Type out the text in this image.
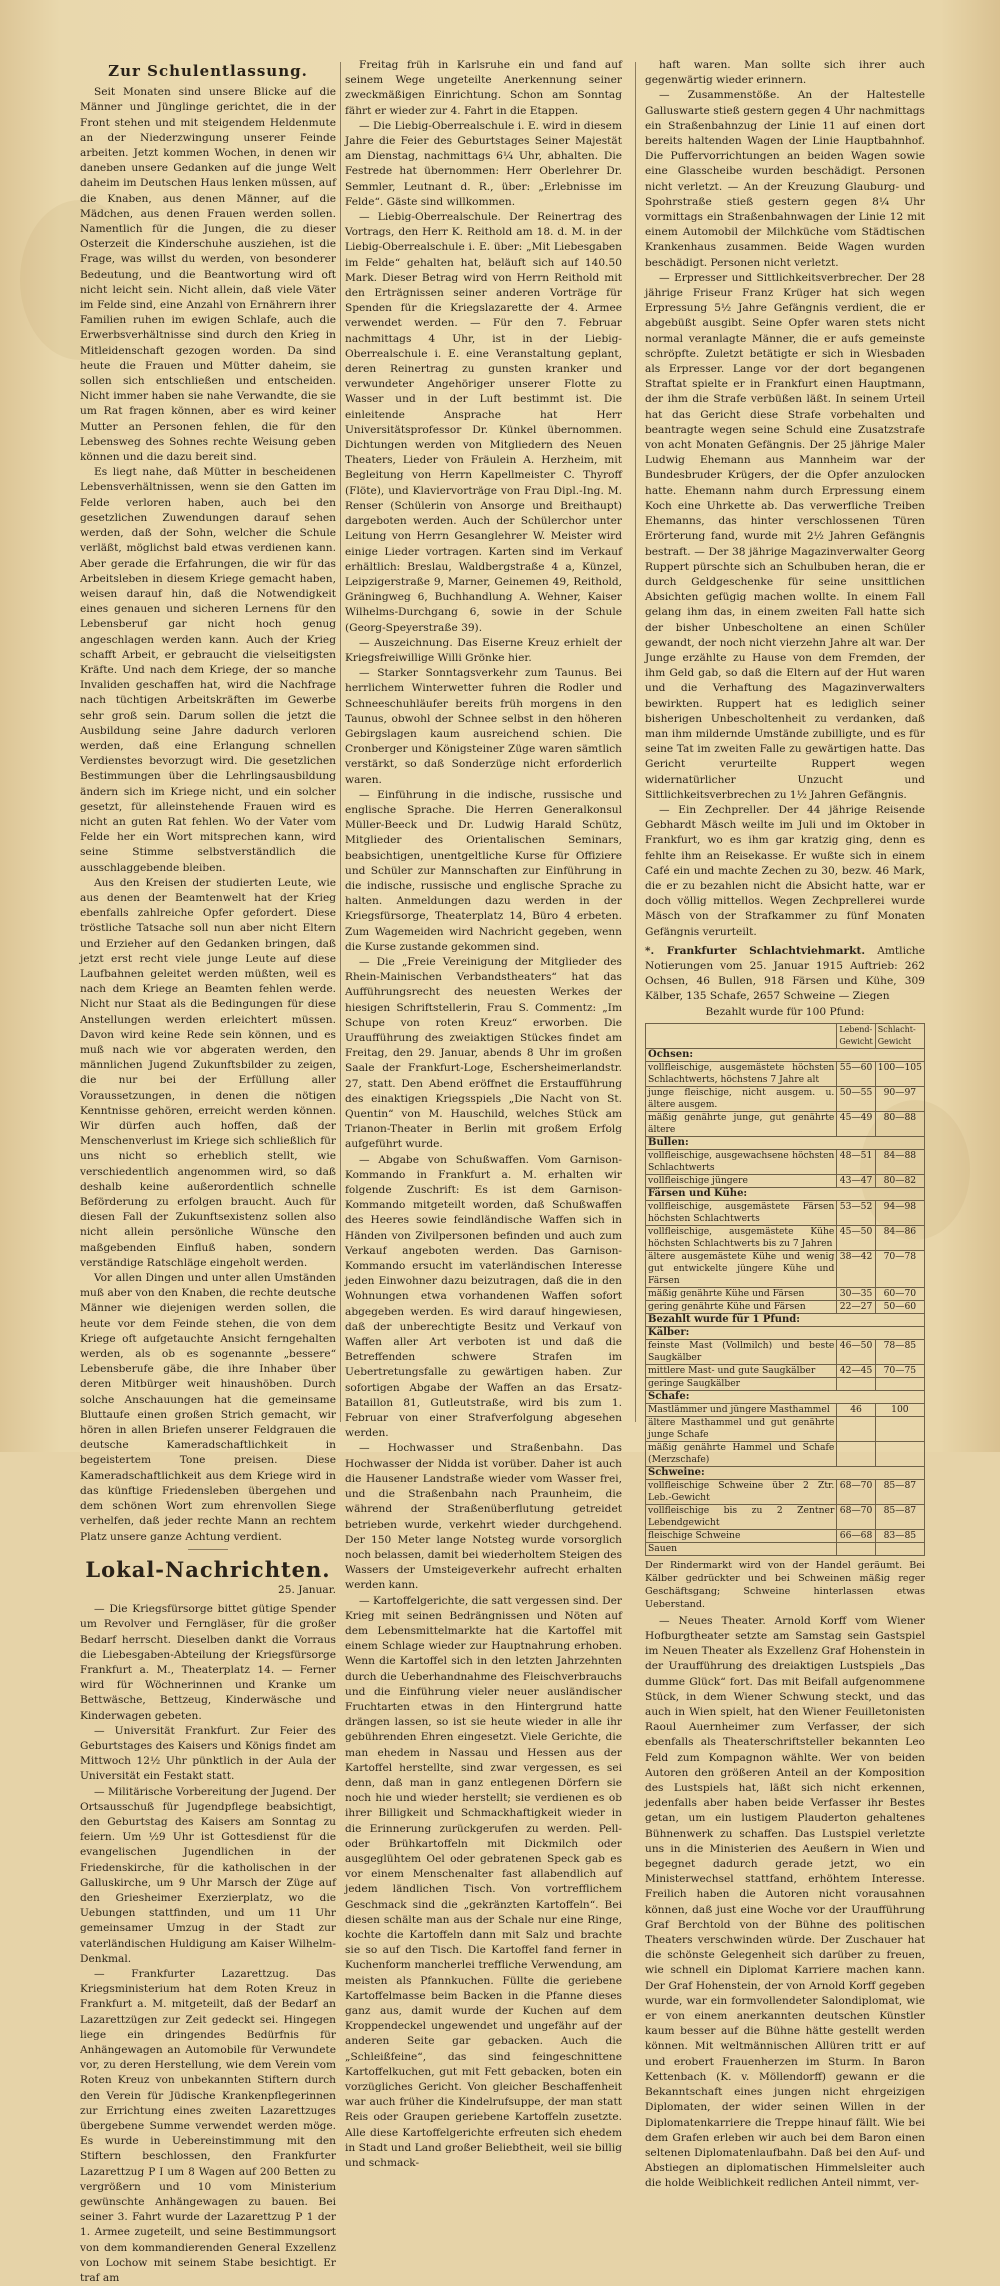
Zur Schulentlassung.

Seit Monaten sind unsere Blicke auf die Männer und Jünglinge gerichtet, die in der Front stehen und mit steigendem Heldenmute an der Niederzwingung unserer Feinde arbeiten. Jetzt kommen Wochen, in denen wir daneben unsere Gedanken auf die junge Welt daheim im Deutschen Haus lenken müssen, auf die Knaben, aus denen Männer, auf die Mädchen, aus denen Frauen werden sollen. Namentlich für die Jungen, die zu dieser Osterzeit die Kinderschuhe ausziehen, ist die Frage, was willst du werden, von besonderer Bedeutung, und die Beantwortung wird oft nicht leicht sein. Nicht allein, daß viele Väter im Felde sind, eine Anzahl von Ernährern ihrer Familien ruhen im ewigen Schlafe, auch die Erwerbsverhältnisse sind durch den Krieg in Mitleidenschaft gezogen worden. Da sind heute die Frauen und Mütter daheim, sie sollen sich entschließen und entscheiden. Nicht immer haben sie nahe Verwandte, die sie um Rat fragen können, aber es wird keiner Mutter an Personen fehlen, die für den Lebensweg des Sohnes rechte Weisung geben können und die dazu bereit sind.

Es liegt nahe, daß Mütter in bescheidenen Lebensverhältnissen, wenn sie den Gatten im Felde verloren haben, auch bei den gesetzlichen Zuwendungen darauf sehen werden, daß der Sohn, welcher die Schule verläßt, möglichst bald etwas verdienen kann. Aber gerade die Erfahrungen, die wir für das Arbeitsleben in diesem Kriege gemacht haben, weisen darauf hin, daß die Notwendigkeit eines genauen und sicheren Lernens für den Lebensberuf gar nicht hoch genug angeschlagen werden kann. Auch der Krieg schafft Arbeit, er gebraucht die vielseitigsten Kräfte. Und nach dem Kriege, der so manche Invaliden geschaffen hat, wird die Nachfrage nach tüchtigen Arbeitskräften im Gewerbe sehr groß sein. Darum sollen die jetzt die Ausbildung seine Jahre dadurch verloren werden, daß eine Erlangung schnellen Verdienstes bevorzugt wird. Die gesetzlichen Bestimmungen über die Lehrlingsausbildung ändern sich im Kriege nicht, und ein solcher gesetzt, für alleinstehende Frauen wird es nicht an guten Rat fehlen. Wo der Vater vom Felde her ein Wort mitsprechen kann, wird seine Stimme selbstverständlich die ausschlaggebende bleiben.

Aus den Kreisen der studierten Leute, wie aus denen der Beamtenwelt hat der Krieg ebenfalls zahlreiche Opfer gefordert. Diese tröstliche Tatsache soll nun aber nicht Eltern und Erzieher auf den Gedanken bringen, daß jetzt erst recht viele junge Leute auf diese Laufbahnen geleitet werden müßten, weil es nach dem Kriege an Beamten fehlen werde. Nicht nur Staat als die Bedingungen für diese Anstellungen werden erleichtert müssen. Davon wird keine Rede sein können, und es muß nach wie vor abgeraten werden, den männlichen Jugend Zukunftsbilder zu zeigen, die nur bei der Erfüllung aller Voraussetzungen, in denen die nötigen Kenntnisse gehören, erreicht werden können. Wir dürfen auch hoffen, daß der Menschenverlust im Kriege sich schließlich für uns nicht so erheblich stellt, wie verschiedentlich angenommen wird, so daß deshalb keine außerordentlich schnelle Beförderung zu erfolgen braucht. Auch für diesen Fall der Zukunftsexistenz sollen also nicht allein persönliche Wünsche den maßgebenden Einfluß haben, sondern verständige Ratschläge eingeholt werden.

Vor allen Dingen und unter allen Umständen muß aber von den Knaben, die rechte deutsche Männer wie diejenigen werden sollen, die heute vor dem Feinde stehen, die von dem Kriege oft aufgetauchte Ansicht ferngehalten werden, als ob es sogenannte „bessere“ Lebensberufe gäbe, die ihre Inhaber über deren Mitbürger weit hinaushöben. Durch solche Anschauungen hat die gemeinsame Bluttaufe einen großen Strich gemacht, wir hören in allen Briefen unserer Feldgrauen die deutsche Kameradschaftlichkeit in begeistertem Tone preisen. Diese Kameradschaftlichkeit aus dem Kriege wird in das künftige Friedensleben übergehen und dem schönen Wort zum ehrenvollen Siege verhelfen, daß jeder rechte Mann an rechtem Platz unsere ganze Achtung verdient.

Lokal-Nachrichten.
25. Januar.

— Die Kriegsfürsorge bittet gütige Spender um Revolver und Ferngläser, für die großer Bedarf herrscht. Dieselben dankt die Vorraus die Liebesgaben-Abteilung der Kriegsfürsorge Frankfurt a. M., Theaterplatz 14. — Ferner wird für Wöchnerinnen und Kranke um Bettwäsche, Bettzeug, Kinderwäsche und Kinderwagen gebeten.

— Universität Frankfurt. Zur Feier des Geburtstages des Kaisers und Königs findet am Mittwoch 12½ Uhr pünktlich in der Aula der Universität ein Festakt statt.

— Militärische Vorbereitung der Jugend. Der Ortsausschuß für Jugendpflege beabsichtigt, den Geburtstag des Kaisers am Sonntag zu feiern. Um ½9 Uhr ist Gottesdienst für die evangelischen Jugendlichen in der Friedenskirche, für die katholischen in der Galluskirche, um 9 Uhr Marsch der Züge auf den Griesheimer Exerzierplatz, wo die Uebungen stattfinden, und um 11 Uhr gemeinsamer Umzug in der Stadt zur vaterländischen Huldigung am Kaiser Wilhelm-Denkmal.

— Frankfurter Lazarettzug. Das Kriegsministerium hat dem Roten Kreuz in Frankfurt a. M. mitgeteilt, daß der Bedarf an Lazarettzügen zur Zeit gedeckt sei. Hingegen liege ein dringendes Bedürfnis für Anhängewagen an Automobile für Verwundete vor, zu deren Herstellung, wie dem Verein vom Roten Kreuz von unbekannten Stiftern durch den Verein für Jüdische Krankenpflegerinnen zur Errichtung eines zweiten Lazarettzuges übergebene Summe verwendet werden möge. Es wurde in Uebereinstimmung mit den Stiftern beschlossen, den Frankfurter Lazarettzug P I um 8 Wagen auf 200 Betten zu vergrößern und 10 vom Ministerium gewünschte Anhängewagen zu bauen. Bei seiner 3. Fahrt wurde der Lazarettzug P 1 der 1. Armee zugeteilt, und seine Bestimmungsort von dem kommandierenden General Exzellenz von Lochow mit seinem Stabe besichtigt. Er traf am

Freitag früh in Karlsruhe ein und fand auf seinem Wege ungeteilte Anerkennung seiner zweckmäßigen Einrichtung. Schon am Sonntag fährt er wieder zur 4. Fahrt in die Etappen.

— Die Liebig-Oberrealschule i. E. wird in diesem Jahre die Feier des Geburtstages Seiner Majestät am Dienstag, nachmittags 6¼ Uhr, abhalten. Die Festrede hat übernommen: Herr Oberlehrer Dr. Semmler, Leutnant d. R., über: „Erlebnisse im Felde“. Gäste sind willkommen.

— Liebig-Oberrealschule. Der Reinertrag des Vortrags, den Herr K. Reithold am 18. d. M. in der Liebig-Oberrealschule i. E. über: „Mit Liebesgaben im Felde“ gehalten hat, beläuft sich auf 140.50 Mark. Dieser Betrag wird von Herrn Reithold mit den Erträgnissen seiner anderen Vorträge für Spenden für die Kriegslazarette der 4. Armee verwendet werden. — Für den 7. Februar nachmittags 4 Uhr, ist in der Liebig-Oberrealschule i. E. eine Veranstaltung geplant, deren Reinertrag zu gunsten kranker und verwundeter Angehöriger unserer Flotte zu Wasser und in der Luft bestimmt ist. Die einleitende Ansprache hat Herr Universitätsprofessor Dr. Künkel übernommen. Dichtungen werden von Mitgliedern des Neuen Theaters, Lieder von Fräulein A. Herzheim, mit Begleitung von Herrn Kapellmeister C. Thyroff (Flöte), und Klaviervorträge von Frau Dipl.-Ing. M. Renser (Schülerin von Ansorge und Breithaupt) dargeboten werden. Auch der Schülerchor unter Leitung von Herrn Gesanglehrer W. Meister wird einige Lieder vortragen. Karten sind im Verkauf erhältlich: Breslau, Waldbergstraße 4 a, Künzel, Leipzigerstraße 9, Marner, Geinemen 49, Reithold, Gräningweg 6, Buchhandlung A. Wehner, Kaiser Wilhelms-Durchgang 6, sowie in der Schule (Georg-Speyerstraße 39).

— Auszeichnung. Das Eiserne Kreuz erhielt der Kriegsfreiwillige Willi Grönke hier.

— Starker Sonntagsverkehr zum Taunus. Bei herrlichem Winterwetter fuhren die Rodler und Schneeschuhläufer bereits früh morgens in den Taunus, obwohl der Schnee selbst in den höheren Gebirgslagen kaum ausreichend schien. Die Cronberger und Königsteiner Züge waren sämtlich verstärkt, so daß Sonderzüge nicht erforderlich waren.

— Einführung in die indische, russische und englische Sprache. Die Herren Generalkonsul Müller-Beeck und Dr. Ludwig Harald Schütz, Mitglieder des Orientalischen Seminars, beabsichtigen, unentgeltliche Kurse für Offiziere und Schüler zur Mannschaften zur Einführung in die indische, russische und englische Sprache zu halten. Anmeldungen dazu werden in der Kriegsfürsorge, Theaterplatz 14, Büro 4 erbeten. Zum Wagemeiden wird Nachricht gegeben, wenn die Kurse zustande gekommen sind.

— Die „Freie Vereinigung der Mitglieder des Rhein-Mainischen Verbandstheaters“ hat das Aufführungsrecht des neuesten Werkes der hiesigen Schriftstellerin, Frau S. Commentz: „Im Schupe von roten Kreuz“ erworben. Die Uraufführung des zweiaktigen Stückes findet am Freitag, den 29. Januar, abends 8 Uhr im großen Saale der Frankfurt-Loge, Eschersheimerlandstr. 27, statt. Den Abend eröffnet die Erstaufführung des einaktigen Kriegsspiels „Die Nacht von St. Quentin“ von M. Hauschild, welches Stück am Trianon-Theater in Berlin mit großem Erfolg aufgeführt wurde.

— Abgabe von Schußwaffen. Vom Garnison-Kommando in Frankfurt a. M. erhalten wir folgende Zuschrift: Es ist dem Garnison-Kommando mitgeteilt worden, daß Schußwaffen des Heeres sowie feindländische Waffen sich in Händen von Zivilpersonen befinden und auch zum Verkauf angeboten werden. Das Garnison-Kommando ersucht im vaterländischen Interesse jeden Einwohner dazu beizutragen, daß die in den Wohnungen etwa vorhandenen Waffen sofort abgegeben werden. Es wird darauf hingewiesen, daß der unberechtigte Besitz und Verkauf von Waffen aller Art verboten ist und daß die Betreffenden schwere Strafen im Uebertretungsfalle zu gewärtigen haben. Zur sofortigen Abgabe der Waffen an das Ersatz-Bataillon 81, Gutleutstraße, wird bis zum 1. Februar von einer Strafverfolgung abgesehen werden.

— Hochwasser und Straßenbahn. Das Hochwasser der Nidda ist vorüber. Daher ist auch die Hausener Landstraße wieder vom Wasser frei, und die Straßenbahn nach Praunheim, die während der Straßenüberflutung getreidet betrieben wurde, verkehrt wieder durchgehend. Der 150 Meter lange Notsteg wurde vorsorglich noch belassen, damit bei wiederholtem Steigen des Wassers der Umsteigeverkehr aufrecht erhalten werden kann.

— Kartoffelgerichte, die satt vergessen sind. Der Krieg mit seinen Bedrängnissen und Nöten auf dem Lebensmittelmarkte hat die Kartoffel mit einem Schlage wieder zur Hauptnahrung erhoben. Wenn die Kartoffel sich in den letzten Jahrzehnten durch die Ueberhandnahme des Fleischverbrauchs und die Einführung vieler neuer ausländischer Fruchtarten etwas in den Hintergrund hatte drängen lassen, so ist sie heute wieder in alle ihr gebührenden Ehren eingesetzt. Viele Gerichte, die man ehedem in Nassau und Hessen aus der Kartoffel herstellte, sind zwar vergessen, es sei denn, daß man in ganz entlegenen Dörfern sie noch hie und wieder herstellt; sie verdienen es ob ihrer Billigkeit und Schmackhaftigkeit wieder in die Erinnerung zurückgerufen zu werden. Pell- oder Brühkartoffeln mit Dickmilch oder ausgeglühtem Oel oder gebratenen Speck gab es vor einem Menschenalter fast allabendlich auf jedem ländlichen Tisch. Von vortrefflichem Geschmack sind die „gekränzten Kartoffeln“. Bei diesen schälte man aus der Schale nur eine Ringe, kochte die Kartoffeln dann mit Salz und brachte sie so auf den Tisch. Die Kartoffel fand ferner in Kuchenform mancherlei treffliche Verwendung, am meisten als Pfannkuchen. Füllte die geriebene Kartoffelmasse beim Backen in die Pfanne dieses ganz aus, damit wurde der Kuchen auf dem Kroppendeckel ungewendet und ungefähr auf der anderen Seite gar gebacken. Auch die „Schleißfeine“, das sind feingeschnittene Kartoffelkuchen, gut mit Fett gebacken, boten ein vorzügliches Gericht. Von gleicher Beschaffenheit war auch früher die Kindelrufsuppe, der man statt Reis oder Graupen geriebene Kartoffeln zusetzte. Alle diese Kartoffelgerichte erfreuten sich ehedem in Stadt und Land großer Beliebtheit, weil sie billig und schmack-

haft waren. Man sollte sich ihrer auch gegenwärtig wieder erinnern.

— Zusammenstöße. An der Haltestelle Galluswarte stieß gestern gegen 4 Uhr nachmittags ein Straßenbahnzug der Linie 11 auf einen dort bereits haltenden Wagen der Linie Hauptbahnhof. Die Puffervorrichtungen an beiden Wagen sowie eine Glasscheibe wurden beschädigt. Personen nicht verletzt. — An der Kreuzung Glauburg- und Spohrstraße stieß gestern gegen 8¼ Uhr vormittags ein Straßenbahnwagen der Linie 12 mit einem Automobil der Milchküche vom Städtischen Krankenhaus zusammen. Beide Wagen wurden beschädigt. Personen nicht verletzt.

— Erpresser und Sittlichkeitsverbrecher. Der 28 jährige Friseur Franz Krüger hat sich wegen Erpressung 5½ Jahre Gefängnis verdient, die er abgebüßt ausgibt. Seine Opfer waren stets nicht normal veranlagte Männer, die er aufs gemeinste schröpfte. Zuletzt betätigte er sich in Wiesbaden als Erpresser. Lange vor der dort begangenen Straftat spielte er in Frankfurt einen Hauptmann, der ihm die Strafe verbüßen läßt. In seinem Urteil hat das Gericht diese Strafe vorbehalten und beantragte wegen seine Schuld eine Zusatzstrafe von acht Monaten Gefängnis. Der 25 jährige Maler Ludwig Ehemann aus Mannheim war der Bundesbruder Krügers, der die Opfer anzulocken hatte. Ehemann nahm durch Erpressung einem Koch eine Uhrkette ab. Das verwerfliche Treiben Ehemanns, das hinter verschlossenen Türen Erörterung fand, wurde mit 2½ Jahren Gefängnis bestraft. — Der 38 jährige Magazinverwalter Georg Ruppert pürschte sich an Schulbuben heran, die er durch Geldgeschenke für seine unsittlichen Absichten gefügig machen wollte. In einem Fall gelang ihm das, in einem zweiten Fall hatte sich der bisher Unbescholtene an einen Schüler gewandt, der noch nicht vierzehn Jahre alt war. Der Junge erzählte zu Hause von dem Fremden, der ihm Geld gab, so daß die Eltern auf der Hut waren und die Verhaftung des Magazinverwalters bewirkten. Ruppert hat es lediglich seiner bisherigen Unbescholtenheit zu verdanken, daß man ihm mildernde Umstände zubilligte, und es für seine Tat im zweiten Falle zu gewärtigen hatte. Das Gericht verurteilte Ruppert wegen widernatürlicher Unzucht und Sittlichkeitsverbrechen zu 1½ Jahren Gefängnis.

— Ein Zechpreller. Der 44 jährige Reisende Gebhardt Mäsch weilte im Juli und im Oktober in Frankfurt, wo es ihm gar kratzig ging, denn es fehlte ihm an Reisekasse. Er wußte sich in einem Café ein und machte Zechen zu 30, bezw. 46 Mark, die er zu bezahlen nicht die Absicht hatte, war er doch völlig mittellos. Wegen Zechprellerei wurde Mäsch von der Strafkammer zu fünf Monaten Gefängnis verurteilt.

*. Frankfurter Schlachtviehmarkt. Amtliche Notierungen vom 25. Januar 1915 Auftrieb: 262 Ochsen, 46 Bullen, 918 Färsen und Kühe, 309 Kälber, 135 Schafe, 2657 Schweine — Ziegen

Bezahlt wurde für 100 Pfund:
	Lebend-Gewicht	Schlacht-Gewicht
Ochsen:		
vollfleischige, ausgemästete höchsten Schlachtwerts, höchstens 7 Jahre alt	55—60	100—105
junge fleischige, nicht ausgem. u. ältere ausgem.	50—55	90—97
mäßig genährte junge, gut genährte ältere	45—49	80—88
Bullen:		
vollfleischige, ausgewachsene höchsten Schlachtwerts	48—51	84—88
vollfleischige jüngere	43—47	80—82
Färsen und Kühe:		
vollfleischige, ausgemästete Färsen höchsten Schlachtwerts	53—52	94—98
vollfleischige, ausgemästete Kühe höchsten Schlachtwerts bis zu 7 Jahren	45—50	84—86
ältere ausgemästete Kühe und wenig gut entwickelte jüngere Kühe und Färsen	38—42	70—78
mäßig genährte Kühe und Färsen	30—35	60—70
gering genährte Kühe und Färsen	22—27	50—60
Bezahlt wurde für 1 Pfund:		
Kälber:		
feinste Mast (Vollmilch) und beste Saugkälber	46—50	78—85
mittlere Mast- und gute Saugkälber	42—45	70—75
geringe Saugkälber		
Schafe:		
Mastlämmer und jüngere Masthammel	46	100
ältere Masthammel und gut genährte junge Schafe		
mäßig genährte Hammel und Schafe (Merzschafe)		
Schweine:		
vollfleischige Schweine über 2 Ztr. Leb.-Gewicht	68—70	85—87
vollfleischige bis zu 2 Zentner Lebendgewicht	68—70	85—87
fleischige Schweine	66—68	83—85
Sauen		

Der Rindermarkt wird von der Handel geräumt. Bei Kälber gedrückter und bei Schweinen mäßig reger Geschäftsgang; Schweine hinterlassen etwas Ueberstand.

— Neues Theater. Arnold Korff vom Wiener Hofburgtheater setzte am Samstag sein Gastspiel im Neuen Theater als Exzellenz Graf Hohenstein in der Uraufführung des dreiaktigen Lustspiels „Das dumme Glück“ fort. Das mit Beifall aufgenommene Stück, in dem Wiener Schwung steckt, und das auch in Wien spielt, hat den Wiener Feuilletonisten Raoul Auernheimer zum Verfasser, der sich ebenfalls als Theaterschriftsteller bekannten Leo Feld zum Kompagnon wählte. Wer von beiden Autoren den größeren Anteil an der Komposition des Lustspiels hat, läßt sich nicht erkennen, jedenfalls aber haben beide Verfasser ihr Bestes getan, um ein lustigem Plauderton gehaltenes Bühnenwerk zu schaffen. Das Lustspiel verletzte uns in die Ministerien des Aeußern in Wien und begegnet dadurch gerade jetzt, wo ein Ministerwechsel stattfand, erhöhtem Interesse. Freilich haben die Autoren nicht vorausahnen können, daß just eine Woche vor der Uraufführung Graf Berchtold von der Bühne des politischen Theaters verschwinden würde. Der Zuschauer hat die schönste Gelegenheit sich darüber zu freuen, wie schnell ein Diplomat Karriere machen kann. Der Graf Hohenstein, der von Arnold Korff gegeben wurde, war ein formvollendeter Salondiplomat, wie er von einem anerkannten deutschen Künstler kaum besser auf die Bühne hätte gestellt werden können. Mit weltmännischen Allüren tritt er auf und erobert Frauenherzen im Sturm. In Baron Kettenbach (K. v. Möllendorff) gewann er die Bekanntschaft eines jungen nicht ehrgeizigen Diplomaten, der wider seinen Willen in der Diplomatenkarriere die Treppe hinauf fällt. Wie bei dem Grafen erleben wir auch bei dem Baron einen seltenen Diplomatenlaufbahn. Daß bei den Auf- und Abstiegen an diplomatischen Himmelsleiter auch die holde Weiblichkeit redlichen Anteil nimmt, ver-
